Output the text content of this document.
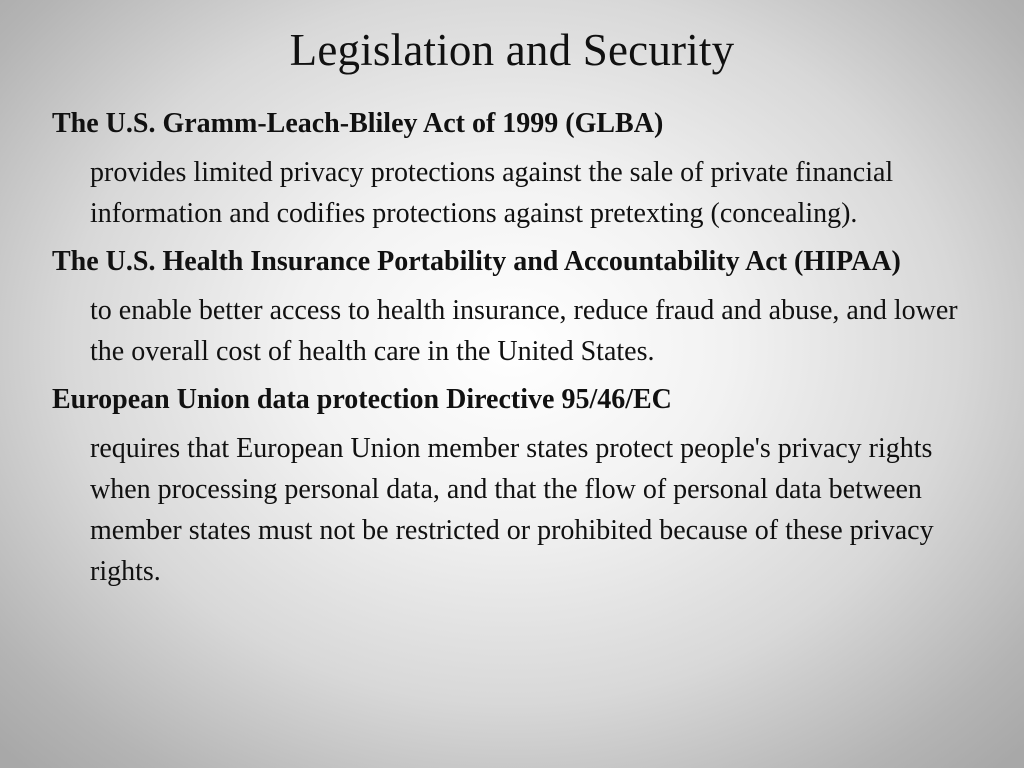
Legislation and Security

The U.S. Gramm-Leach-Bliley Act of 1999 (GLBA)

provides limited privacy protections against the sale of private financial information and codifies protections against pretexting (concealing).

The U.S. Health Insurance Portability and Accountability Act (HIPAA)

to enable better access to health insurance, reduce fraud and abuse, and lower the overall cost of health care in the United States.

European Union data protection Directive 95/46/EC

requires that European Union member states protect people's privacy rights when processing personal data, and that the flow of personal data between member states must not be restricted or prohibited because of these privacy rights.
